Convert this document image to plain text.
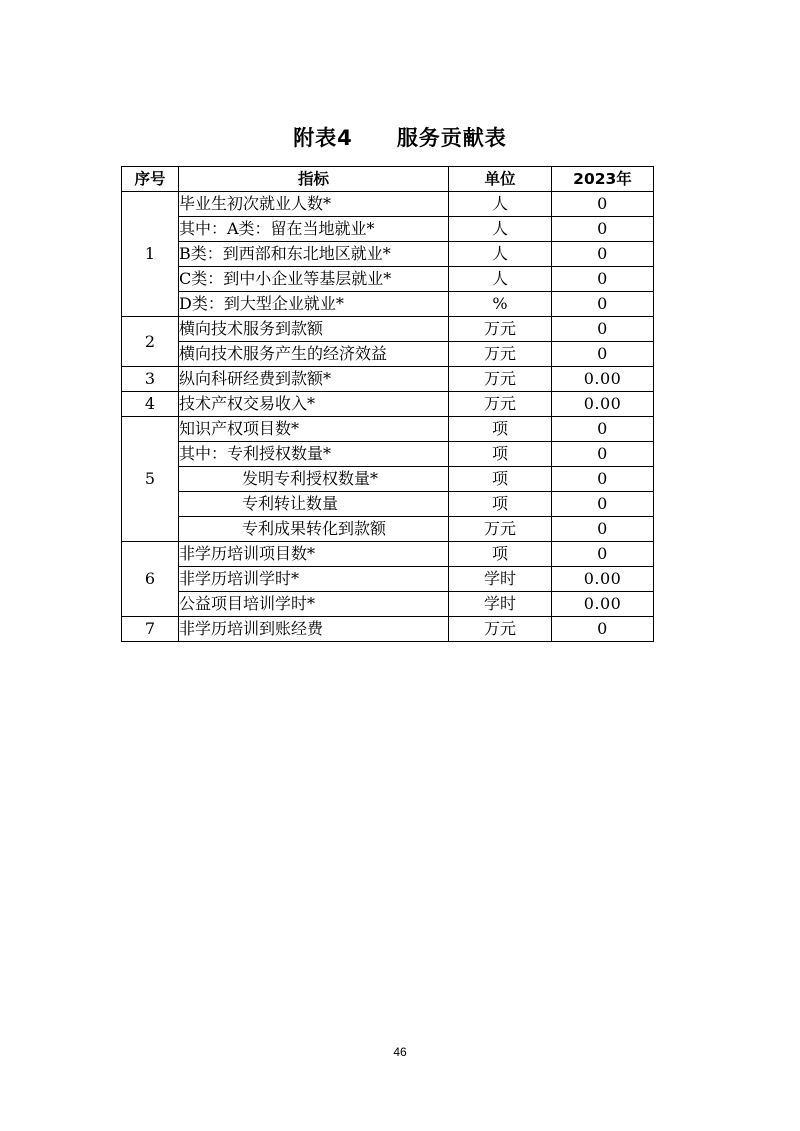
附表4 服务贡献表
序号	指标	单位	2023年
1	毕业生初次就业人数*	人	0
	其中：A类：留在当地就业*	人	0
	B类：到西部和东北地区就业*	人	0
	C类：到中小企业等基层就业*	人	0
	D类：到大型企业就业*	%	0
2	横向技术服务到款额	万元	0
	横向技术服务产生的经济效益	万元	0
3	纵向科研经费到款额*	万元	0.00
4	技术产权交易收入*	万元	0.00
5	知识产权项目数*	项	0
	其中：专利授权数量*	项	0
	发明专利授权数量*	项	0
	专利转让数量	项	0
	专利成果转化到款额	万元	0
6	非学历培训项目数*	项	0
	非学历培训学时*	学时	0.00
	公益项目培训学时*	学时	0.00
7	非学历培训到账经费	万元	0
46
